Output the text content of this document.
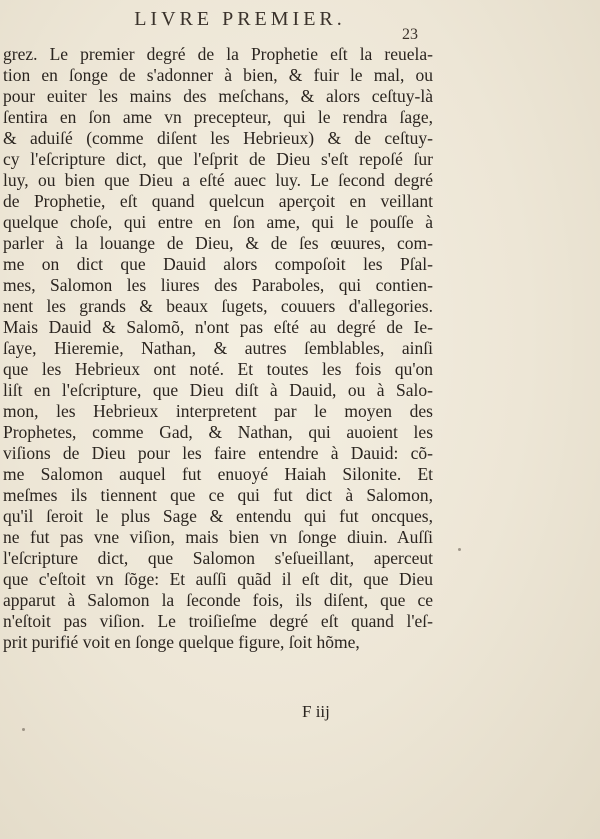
LIVRE PREMIER.
23
grez. Le premier degré de la Prophetie eſt la reuela-
tion en ſonge de s'adonner à bien, & fuir le mal, ou
pour euiter les mains des meſchans, & alors ceſtuy-là
ſentira en ſon ame vn precepteur, qui le rendra ſage,
& aduiſé (comme diſent les Hebrieux) & de ceſtuy-
cy l'eſcripture dict, que l'eſprit de Dieu s'eſt repoſé ſur
luy, ou bien que Dieu a eſté auec luy. Le ſecond degré
de Prophetie, eſt quand quelcun aperçoit en veillant
quelque choſe, qui entre en ſon ame, qui le pouſſe à
parler à la louange de Dieu, & de ſes œuures, com-
me on dict que Dauid alors compoſoit les Pſal-
mes, Salomon les liures des Paraboles, qui contien-
nent les grands & beaux ſugets, couuers d'allegories.
Mais Dauid & Salomõ, n'ont pas eſté au degré de Ie-
ſaye, Hieremie, Nathan, & autres ſemblables, ainſi
que les Hebrieux ont noté. Et toutes les fois qu'on
liſt en l'eſcripture, que Dieu diſt à Dauid, ou à Salo-
mon, les Hebrieux interpretent par le moyen des
Prophetes, comme Gad, & Nathan, qui auoient les
viſions de Dieu pour les faire entendre à Dauid: cõ-
me Salomon auquel fut enuoyé Haiah Silonite. Et
meſmes ils tiennent que ce qui fut dict à Salomon,
qu'il ſeroit le plus Sage & entendu qui fut oncques,
ne fut pas vne viſion, mais bien vn ſonge diuin. Auſſi
l'eſcripture dict, que Salomon s'eſueillant, aperceut
que c'eſtoit vn ſõge: Et auſſi quãd il eſt dit, que Dieu
apparut à Salomon la ſeconde fois, ils diſent, que ce
n'eſtoit pas viſion. Le troiſieſme degré eſt quand l'eſ-
prit purifié voit en ſonge quelque figure, ſoit hõme,
F iij
